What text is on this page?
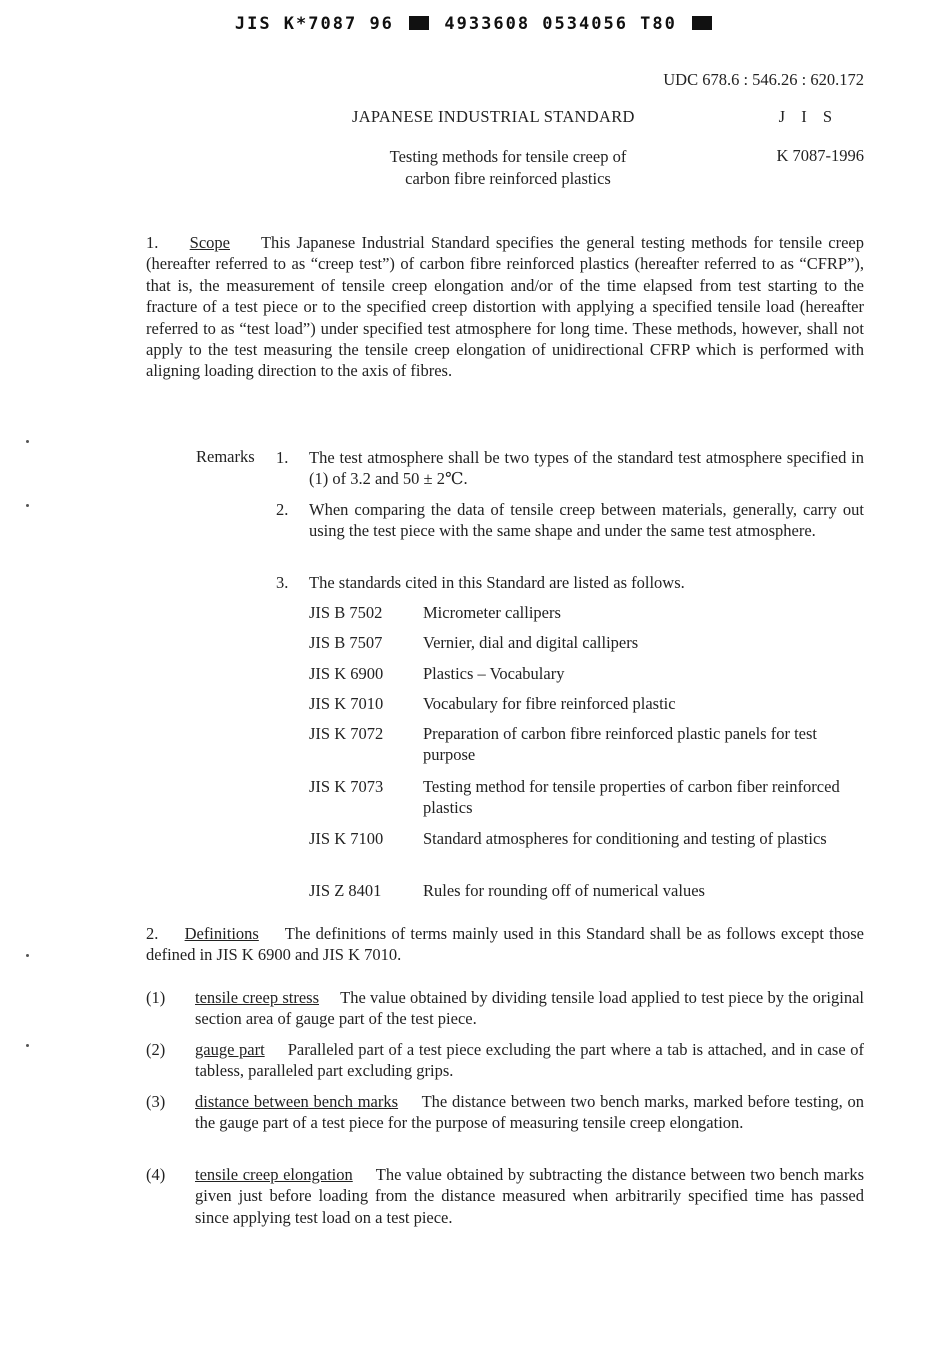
JIS K*7087 96	4933608 0534056 T80
UDC 678.6 : 546.26 : 620.172
JAPANESE INDUSTRIAL STANDARD	J I S
Testing methods for tensile creep of
carbon fibre reinforced plastics
K 7087-1996
1. Scope This Japanese Industrial Standard specifies the general testing methods for tensile creep (hereafter referred to as “creep test”) of carbon fibre reinforced plastics (hereafter referred to as “CFRP”), that is, the measurement of tensile creep elongation and/or of the time elapsed from test starting to the fracture of a test piece or to the specified creep distortion with applying a specified tensile load (hereafter referred to as “test load”) under specified test atmosphere for long time. These methods, however, shall not apply to the test measuring the tensile creep elongation of unidirectional CFRP which is performed with aligning loading direction to the axis of fibres.
Remarks 1. The test atmosphere shall be two types of the standard test atmosphere specified in (1) of 3.2 and 50 ± 2℃.
2. When comparing the data of tensile creep between materials, generally, carry out using the test piece with the same shape and under the same test atmosphere.
3. The standards cited in this Standard are listed as follows.
JIS B 7502 Micrometer callipers
JIS B 7507 Vernier, dial and digital callipers
JIS K 6900 Plastics – Vocabulary
JIS K 7010 Vocabulary for fibre reinforced plastic
JIS K 7072 Preparation of carbon fibre reinforced plastic panels for test purpose
JIS K 7073 Testing method for tensile properties of carbon fiber reinforced plastics
JIS K 7100 Standard atmospheres for conditioning and testing of plastics
JIS Z 8401	Rules for rounding off of numerical values
2. Definitions The definitions of terms mainly used in this Standard shall be as follows except those defined in JIS K 6900 and JIS K 7010.
(1) tensile creep stress The value obtained by dividing tensile load applied to test piece by the original section area of gauge part of the test piece.
(2) gauge part Paralleled part of a test piece excluding the part where a tab is attached, and in case of tabless, paralleled part excluding grips.
(3) distance between bench marks The distance between two bench marks, marked before testing, on the gauge part of a test piece for the purpose of measuring tensile creep elongation.
(4) tensile creep elongation The value obtained by subtracting the distance between two bench marks given just before loading from the distance measured when arbitrarily specified time has passed since applying test load on a test piece.
